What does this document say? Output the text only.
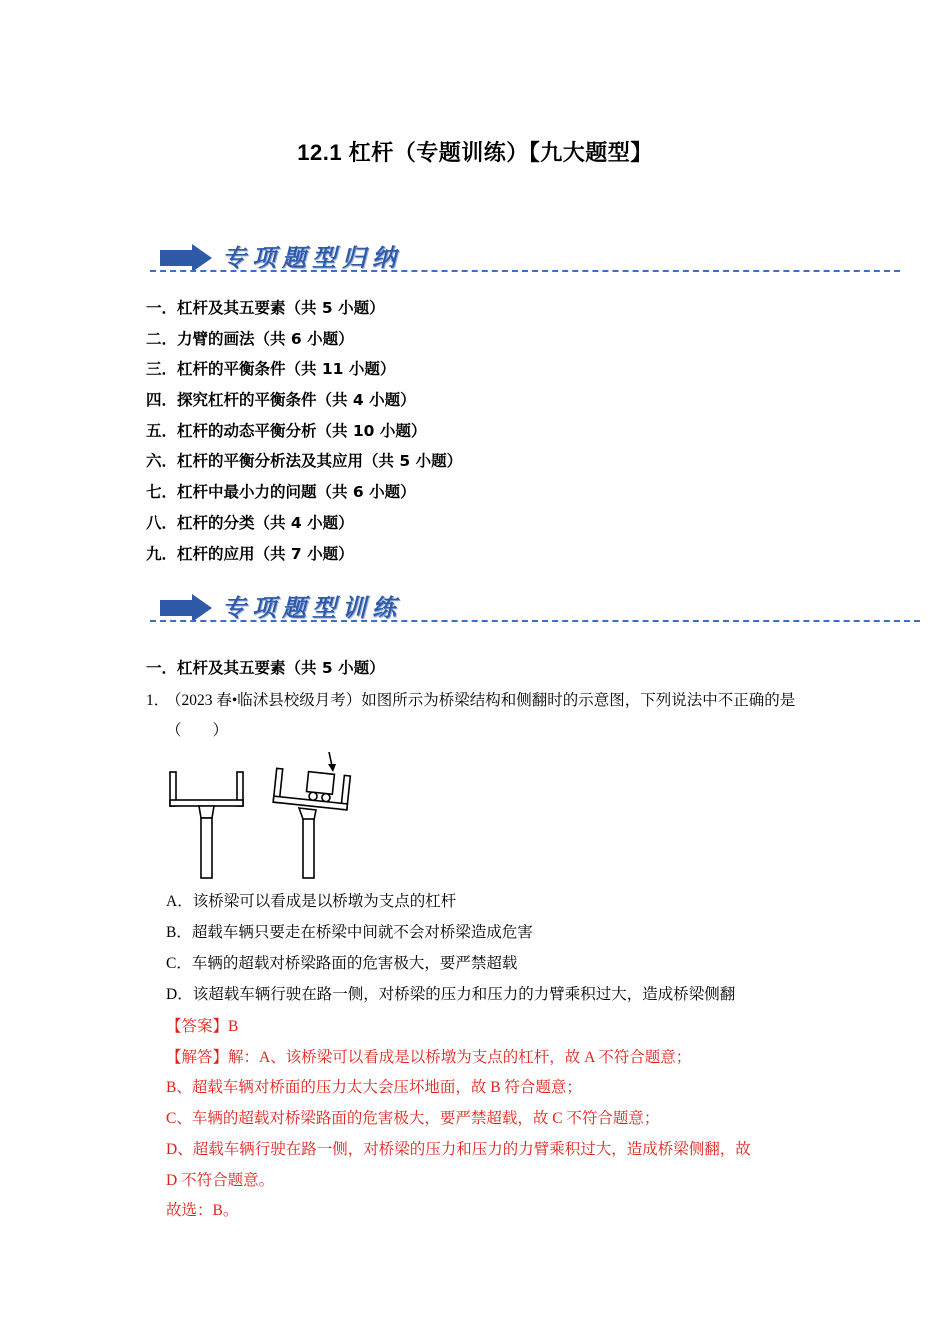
12.1 杠杆（专题训练）【九大题型】
专项题型归纳
一．杠杆及其五要素（共 5 小题）
二．力臂的画法（共 6 小题）
三．杠杆的平衡条件（共 11 小题）
四．探究杠杆的平衡条件（共 4 小题）
五．杠杆的动态平衡分析（共 10 小题）
六．杠杆的平衡分析法及其应用（共 5 小题）
七．杠杆中最小力的问题（共 6 小题）
八．杠杆的分类（共 4 小题）
九．杠杆的应用（共 7 小题）
专项题型训练
一．杠杆及其五要素（共 5 小题）
1．
（2023 春•临沭县校级月考）如图所示为桥梁结构和侧翻时的示意图，下列说法中不正确的是（　　）
A．该桥梁可以看成是以桥墩为支点的杠杆
B．超载车辆只要走在桥梁中间就不会对桥梁造成危害
C．车辆的超载对桥梁路面的危害极大，要严禁超载
D．该超载车辆行驶在路一侧，对桥梁的压力和压力的力臂乘积过大，造成桥梁侧翻
【答案】B
【解答】解：A、该桥梁可以看成是以桥墩为支点的杠杆，故 A 不符合题意；
B、超载车辆对桥面的压力太大会压坏地面，故 B 符合题意；
C、车辆的超载对桥梁路面的危害极大，要严禁超载，故 C 不符合题意；
D、超载车辆行驶在路一侧，对桥梁的压力和压力的力臂乘积过大，造成桥梁侧翻，故
D 不符合题意。
故选：B。
